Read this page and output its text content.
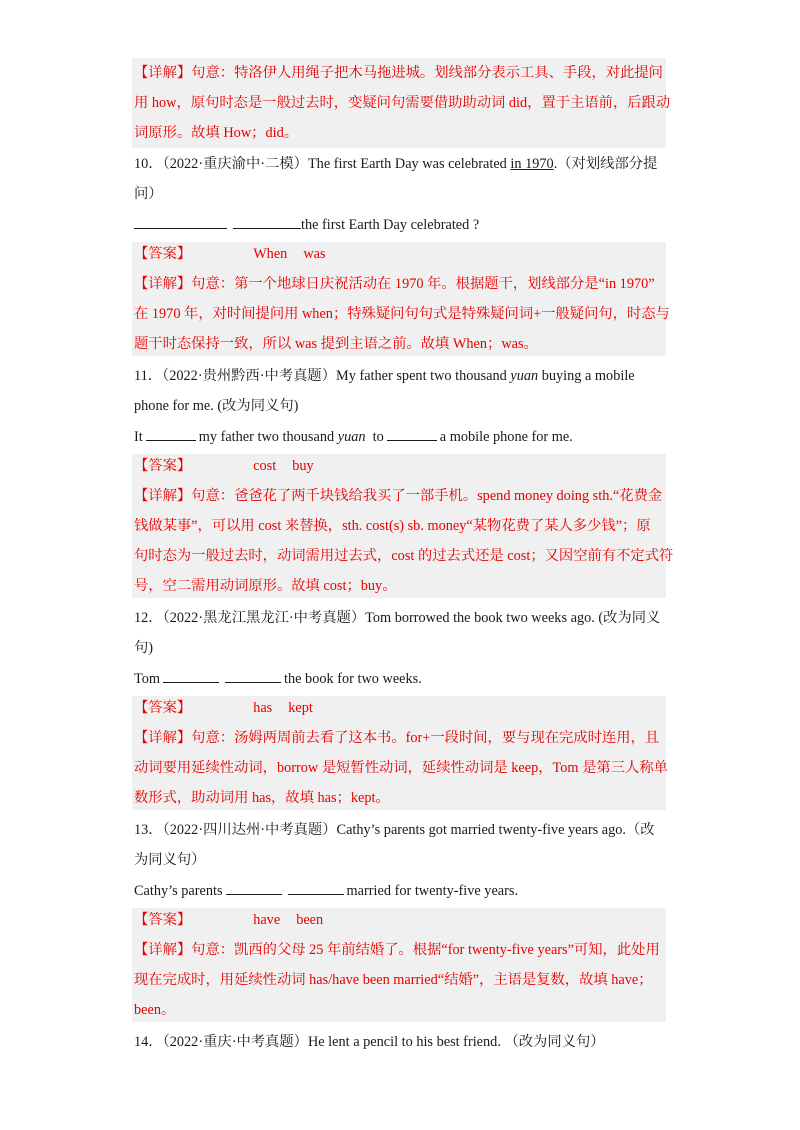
【详解】句意：特洛伊人用绳子把木马拖进城。划线部分表示工具、手段，对此提问
用 how，原句时态是一般过去时，变疑问句需要借助助动词 did，置于主语前，后跟动
词原形。故填 How；did。
10．（2022·重庆渝中·二模）The first Earth Day was celebrated in 1970.（对划线部分提
问）
the first Earth Day celebrated ?
【答案】	When was
【详解】句意：第一个地球日庆祝活动在 1970 年。根据题干，划线部分是“in 1970”
在 1970 年，对时间提问用 when；特殊疑问句句式是特殊疑问词+一般疑问句，时态与
题干时态保持一致，所以 was 提到主语之前。故填 When；was。
11．（2022·贵州黔西·中考真题）My father spent two thousand yuan buying a mobile
phone for me. (改为同义句)
It	my father two thousand yuan to	a mobile phone for me.
【答案】	cost buy
【详解】句意：爸爸花了两千块钱给我买了一部手机。spend money doing sth.“花费金
钱做某事”，可以用 cost 来替换，sth. cost(s) sb. money“某物花费了某人多少钱”；原
句时态为一般过去时，动词需用过去式，cost 的过去式还是 cost；又因空前有不定式符
号，空二需用动词原形。故填 cost；buy。
12．（2022·黑龙江黑龙江·中考真题）Tom borrowed the book two weeks ago. (改为同义
句)
Tom	the book for two weeks.
【答案】	has kept
【详解】句意：汤姆两周前去看了这本书。for+一段时间，要与现在完成时连用，且
动词要用延续性动词，borrow 是短暂性动词，延续性动词是 keep，Tom 是第三人称单
数形式，助动词用 has，故填 has；kept。
13．（2022·四川达州·中考真题）Cathy’s parents got married twenty-five years ago.（改
为同义句）
Cathy’s parents	married for twenty-five years.
【答案】	have been
【详解】句意：凯西的父母 25 年前结婚了。根据“for twenty-five years”可知，此处用
现在完成时，用延续性动词 has/have been married“结婚”，主语是复数，故填 have；
been。
14．（2022·重庆·中考真题）He lent a pencil to his best friend. （改为同义句）
